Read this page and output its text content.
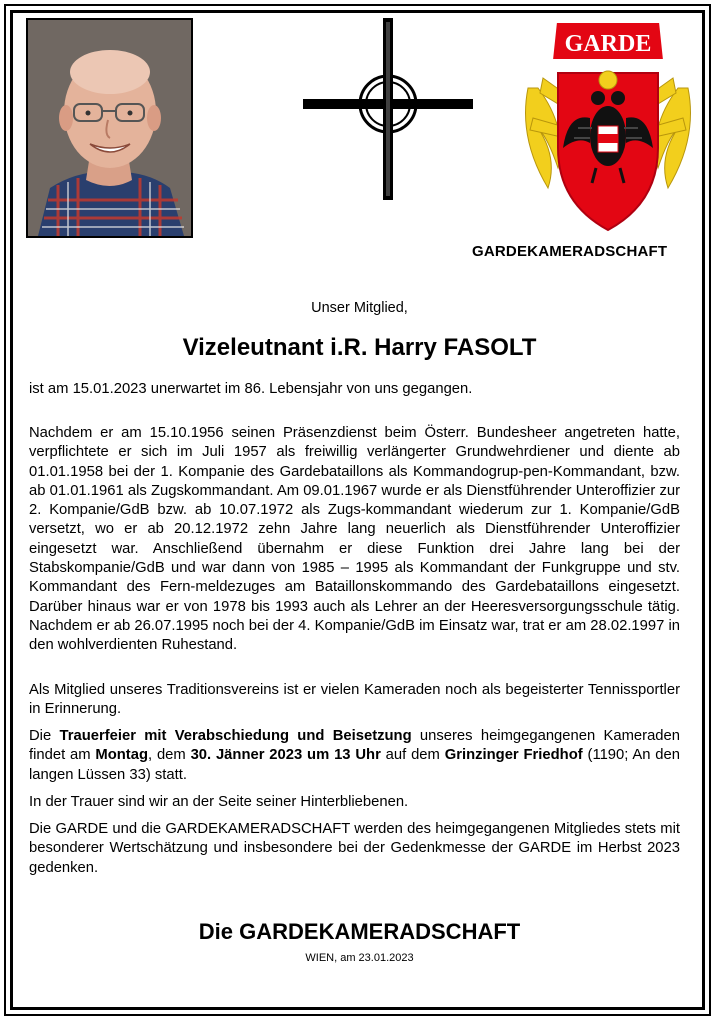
GARDE
GARDEKAMERADSCHAFT
Unser Mitglied,
Vizeleutnant i.R. Harry FASOLT
ist am 15.01.2023 unerwartet im 86. Lebensjahr von uns gegangen.
Nachdem er am 15.10.1956 seinen Präsenzdienst beim Österr. Bundesheer angetreten hatte, verpflichtete er sich im Juli 1957 als freiwillig verlängerter Grundwehrdiener und diente ab 01.01.1958 bei der 1. Kompanie des Gardebataillons als Kommandogrup-pen-Kommandant, bzw. ab 01.01.1961 als Zugskommandant. Am 09.01.1967 wurde er als Dienstführender Unteroffizier zur 2. Kompanie/GdB bzw. ab 10.07.1972 als Zugs-kommandant wiederum zur 1. Kompanie/GdB versetzt, wo er ab 20.12.1972 zehn Jahre lang neuerlich als Dienstführender Unteroffizier eingesetzt war. Anschließend übernahm er diese Funktion drei Jahre lang bei der Stabskompanie/GdB und war dann von 1985 – 1995 als Kommandant der Funkgruppe und stv. Kommandant des Fern-meldezuges am Bataillonskommando des Gardebataillons eingesetzt. Darüber hinaus war er von 1978 bis 1993 auch als Lehrer an der Heeresversorgungsschule tätig. Nachdem er ab 26.07.1995 noch bei der 4. Kompanie/GdB im Einsatz war, trat er am 28.02.1997 in den wohlverdienten Ruhestand.
Als Mitglied unseres Traditionsvereins ist er vielen Kameraden noch als begeisterter Tennissportler in Erinnerung.
Die Trauerfeier mit Verabschiedung und Beisetzung unseres heimgegangenen Kameraden findet am Montag, dem 30. Jänner 2023 um 13 Uhr auf dem Grinzinger Friedhof (1190; An den langen Lüssen 33) statt.
In der Trauer sind wir an der Seite seiner Hinterbliebenen.
Die GARDE und die GARDEKAMERADSCHAFT werden des heimgegangenen Mitgliedes stets mit besonderer Wertschätzung und insbesondere bei der Gedenkmesse der GARDE im Herbst 2023 gedenken.
Die GARDEKAMERADSCHAFT
WIEN, am 23.01.2023
